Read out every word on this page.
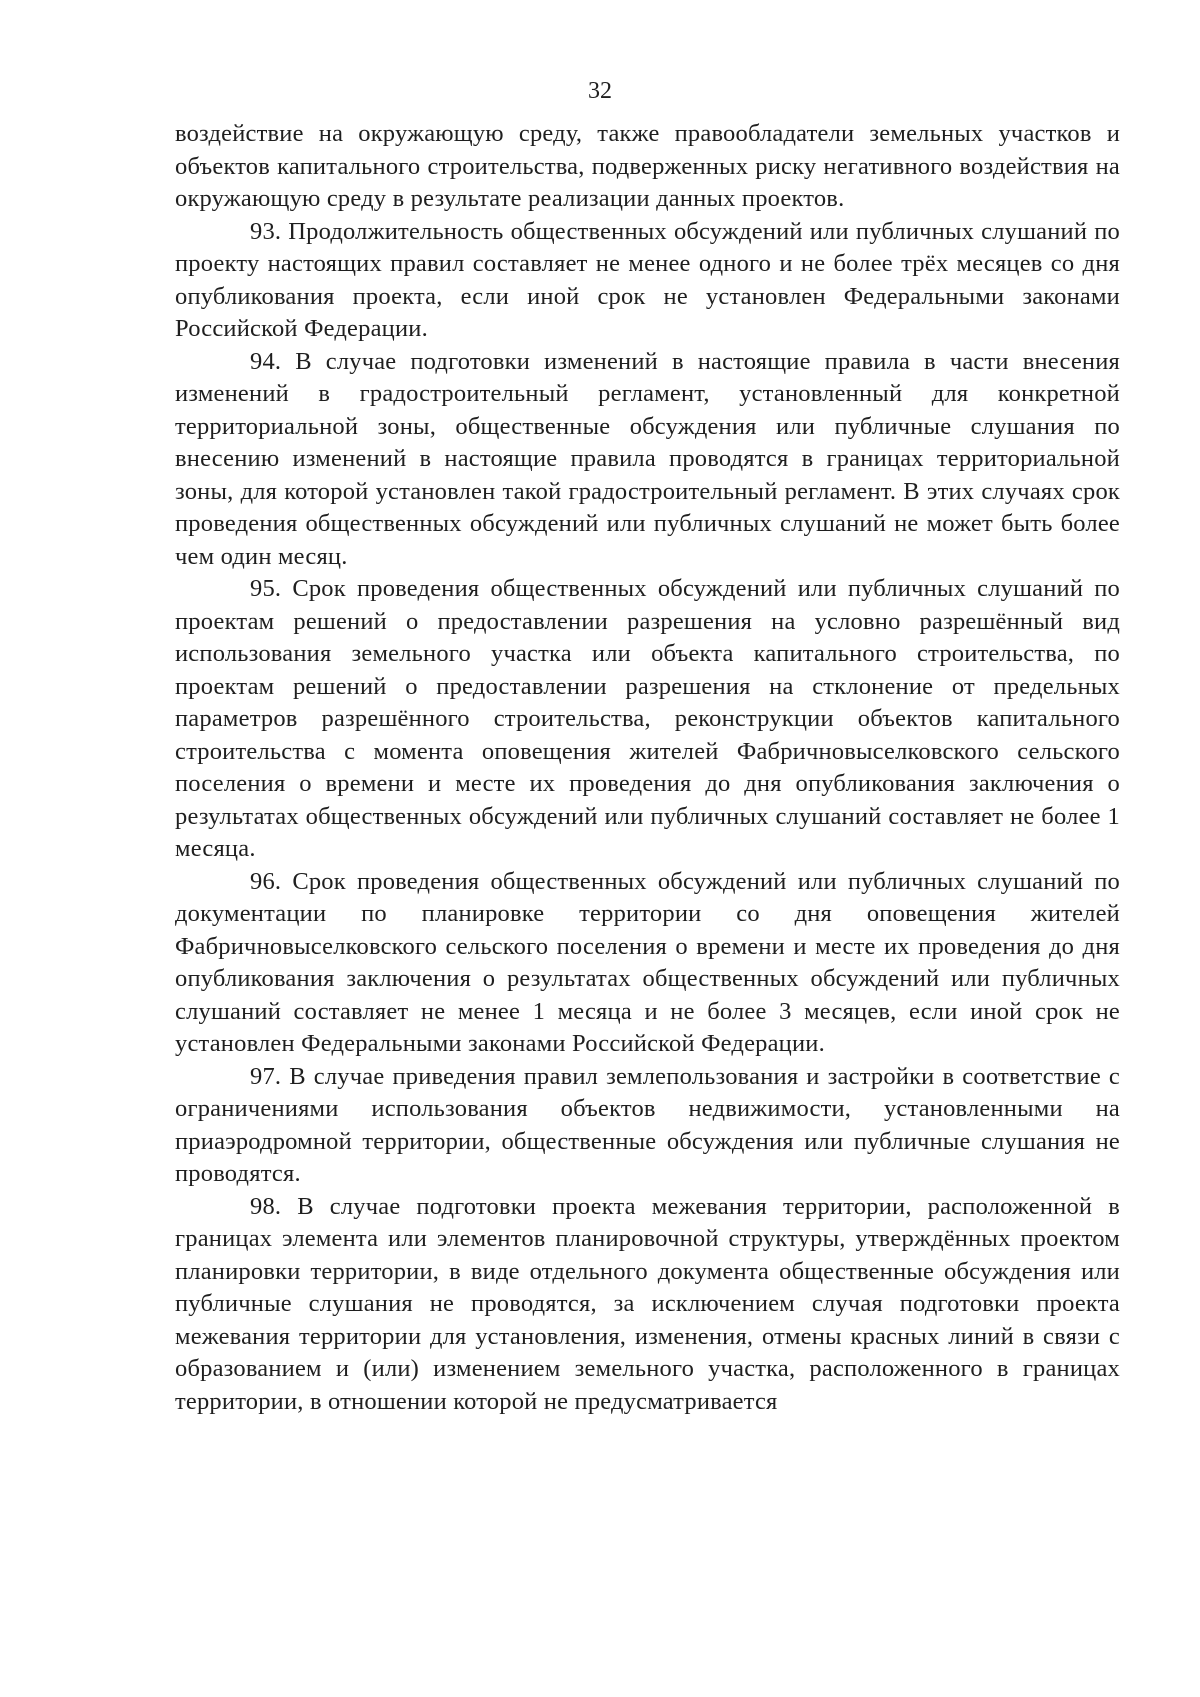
32

воздействие на окружающую среду, также правообладатели земельных участков и объектов капитального строительства, подверженных риску негативного воздействия на окружающую среду в результате реализации данных проектов.

93. Продолжительность общественных обсуждений или публичных слушаний по проекту настоящих правил составляет не менее одного и не более трёх месяцев со дня опубликования проекта, если иной срок не установлен Федеральными законами Российской Федерации.

94. В случае подготовки изменений в настоящие правила в части внесения изменений в градостроительный регламент, установленный для конкретной территориальной зоны, общественные обсуждения или публичные слушания по внесению изменений в настоящие правила проводятся в границах территориальной зоны, для которой установлен такой градостроительный регламент. В этих случаях срок проведения общественных обсуждений или публичных слушаний не может быть более чем один месяц.

95. Срок проведения общественных обсуждений или публичных слушаний по проектам решений о предоставлении разрешения на условно разрешённый вид использования земельного участка или объекта капитального строительства, по проектам решений о предоставлении разрешения на стклонение от предельных параметров разрешённого строительства, реконструкции объектов капитального строительства с момента оповещения жителей Фабричновыселковского сельского поселения о времени и месте их проведения до дня опубликования заключения о результатах общественных обсуждений или публичных слушаний составляет не более 1 месяца.

96. Срок проведения общественных обсуждений или публичных слушаний по документации по планировке территории со дня оповещения жителей Фабричновыселковского сельского поселения о времени и месте их проведения до дня опубликования заключения о результатах общественных обсуждений или публичных слушаний составляет не менее 1 месяца и не более 3 месяцев, если иной срок не установлен Федеральными законами Российской Федерации.

97. В случае приведения правил землепользования и застройки в соответствие с ограничениями использования объектов недвижимости, установленными на приаэродромной территории, общественные обсуждения или публичные слушания не проводятся.

98. В случае подготовки проекта межевания территории, расположенной в границах элемента или элементов планировочной структуры, утверждённых проектом планировки территории, в виде отдельного документа общественные обсуждения или публичные слушания не проводятся, за исключением случая подготовки проекта межевания территории для установления, изменения, отмены красных линий в связи с образованием и (или) изменением земельного участка, расположенного в границах территории, в отношении которой не предусматривается
